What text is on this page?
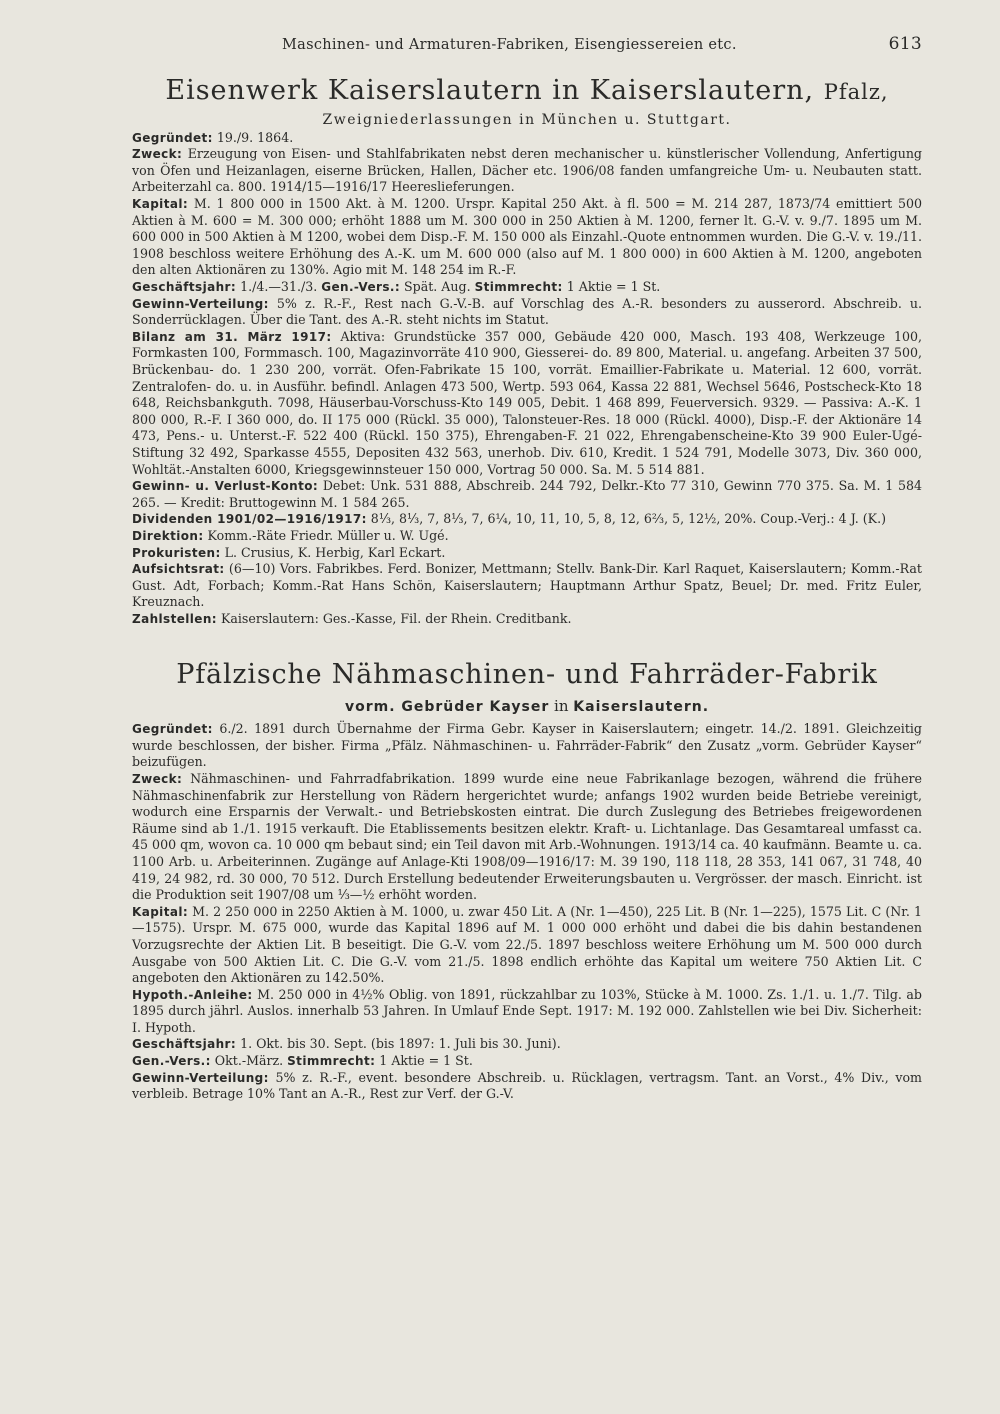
Maschinen- und Armaturen-Fabriken, Eisengiessereien etc.	613
Eisenwerk Kaiserslautern in Kaiserslautern, Pfalz,
Zweigniederlassungen in München u. Stuttgart.

Gegründet: 19./9. 1864.

Zweck: Erzeugung von Eisen- und Stahlfabrikaten nebst deren mechanischer u. künstlerischer Vollendung, Anfertigung von Öfen und Heizanlagen, eiserne Brücken, Hallen, Dächer etc. 1906/08 fanden umfangreiche Um- u. Neubauten statt. Arbeiterzahl ca. 800. 1914/15—1916/17 Heereslieferungen.

Kapital: M. 1 800 000 in 1500 Akt. à M. 1200. Urspr. Kapital 250 Akt. à fl. 500 = M. 214 287, 1873/74 emittiert 500 Aktien à M. 600 = M. 300 000; erhöht 1888 um M. 300 000 in 250 Aktien à M. 1200, ferner lt. G.-V. v. 9./7. 1895 um M. 600 000 in 500 Aktien à M 1200, wobei dem Disp.-F. M. 150 000 als Einzahl.-Quote entnommen wurden. Die G.-V. v. 19./11. 1908 beschloss weitere Erhöhung des A.-K. um M. 600 000 (also auf M. 1 800 000) in 600 Aktien à M. 1200, angeboten den alten Aktionären zu 130%. Agio mit M. 148 254 im R.-F.

Geschäftsjahr: 1./4.—31./3. Gen.-Vers.: Spät. Aug. Stimmrecht: 1 Aktie = 1 St.

Gewinn-Verteilung: 5% z. R.-F., Rest nach G.-V.-B. auf Vorschlag des A.-R. besonders zu ausserord. Abschreib. u. Sonderrücklagen. Über die Tant. des A.-R. steht nichts im Statut.

Bilanz am 31. März 1917: Aktiva: Grundstücke 357 000, Gebäude 420 000, Masch. 193 408, Werkzeuge 100, Formkasten 100, Formmasch. 100, Magazinvorräte 410 900, Giesserei- do. 89 800, Material. u. angefang. Arbeiten 37 500, Brückenbau- do. 1 230 200, vorrät. Ofen-Fabrikate 15 100, vorrät. Emaillier-Fabrikate u. Material. 12 600, vorrät. Zentralofen- do. u. in Ausführ. befindl. Anlagen 473 500, Wertp. 593 064, Kassa 22 881, Wechsel 5646, Postscheck-Kto 18 648, Reichsbankguth. 7098, Häuserbau-Vorschuss-Kto 149 005, Debit. 1 468 899, Feuerversich. 9329. — Passiva: A.-K. 1 800 000, R.-F. I 360 000, do. II 175 000 (Rückl. 35 000), Talonsteuer-Res. 18 000 (Rückl. 4000), Disp.-F. der Aktionäre 14 473, Pens.- u. Unterst.-F. 522 400 (Rückl. 150 375), Ehrengaben-F. 21 022, Ehrengabenscheine-Kto 39 900 Euler-Ugé-Stiftung 32 492, Sparkasse 4555, Depositen 432 563, unerhob. Div. 610, Kredit. 1 524 791, Modelle 3073, Div. 360 000, Wohltät.-Anstalten 6000, Kriegsgewinnsteuer 150 000, Vortrag 50 000. Sa. M. 5 514 881.

Gewinn- u. Verlust-Konto: Debet: Unk. 531 888, Abschreib. 244 792, Delkr.-Kto 77 310, Gewinn 770 375. Sa. M. 1 584 265. — Kredit: Bruttogewinn M. 1 584 265.

Dividenden 1901/02—1916/1917: 8⅓, 8⅓, 7, 8⅓, 7, 6¼, 10, 11, 10, 5, 8, 12, 6⅔, 5, 12½, 20%. Coup.-Verj.: 4 J. (K.)

Direktion: Komm.-Räte Friedr. Müller u. W. Ugé.

Prokuristen: L. Crusius, K. Herbig, Karl Eckart.

Aufsichtsrat: (6—10) Vors. Fabrikbes. Ferd. Bonizer, Mettmann; Stellv. Bank-Dir. Karl Raquet, Kaiserslautern; Komm.-Rat Gust. Adt, Forbach; Komm.-Rat Hans Schön, Kaiserslautern; Hauptmann Arthur Spatz, Beuel; Dr. med. Fritz Euler, Kreuznach.

Zahlstellen: Kaiserslautern: Ges.-Kasse, Fil. der Rhein. Creditbank.

Pfälzische Nähmaschinen- und Fahrräder-Fabrik
vorm. Gebrüder Kayser in Kaiserslautern.

Gegründet: 6./2. 1891 durch Übernahme der Firma Gebr. Kayser in Kaiserslautern; eingetr. 14./2. 1891. Gleichzeitig wurde beschlossen, der bisher. Firma „Pfälz. Nähmaschinen- u. Fahrräder-Fabrik“ den Zusatz „vorm. Gebrüder Kayser“ beizufügen.

Zweck: Nähmaschinen- und Fahrradfabrikation. 1899 wurde eine neue Fabrikanlage bezogen, während die frühere Nähmaschinenfabrik zur Herstellung von Rädern hergerichtet wurde; anfangs 1902 wurden beide Betriebe vereinigt, wodurch eine Ersparnis der Verwalt.- und Betriebskosten eintrat. Die durch Zuslegung des Betriebes freigewordenen Räume sind ab 1./1. 1915 verkauft. Die Etablissements besitzen elektr. Kraft- u. Lichtanlage. Das Gesamtareal umfasst ca. 45 000 qm, wovon ca. 10 000 qm bebaut sind; ein Teil davon mit Arb.-Wohnungen. 1913/14 ca. 40 kaufmänn. Beamte u. ca. 1100 Arb. u. Arbeiterinnen. Zugänge auf Anlage-Kti 1908/09—1916/17: M. 39 190, 118 118, 28 353, 141 067, 31 748, 40 419, 24 982, rd. 30 000, 70 512. Durch Erstellung bedeutender Erweiterungsbauten u. Vergrösser. der masch. Einricht. ist die Produktion seit 1907/08 um ⅓—½ erhöht worden.

Kapital: M. 2 250 000 in 2250 Aktien à M. 1000, u. zwar 450 Lit. A (Nr. 1—450), 225 Lit. B (Nr. 1—225), 1575 Lit. C (Nr. 1—1575). Urspr. M. 675 000, wurde das Kapital 1896 auf M. 1 000 000 erhöht und dabei die bis dahin bestandenen Vorzugsrechte der Aktien Lit. B beseitigt. Die G.-V. vom 22./5. 1897 beschloss weitere Erhöhung um M. 500 000 durch Ausgabe von 500 Aktien Lit. C. Die G.-V. vom 21./5. 1898 endlich erhöhte das Kapital um weitere 750 Aktien Lit. C angeboten den Aktionären zu 142.50%.

Hypoth.-Anleihe: M. 250 000 in 4½% Oblig. von 1891, rückzahlbar zu 103%, Stücke à M. 1000. Zs. 1./1. u. 1./7. Tilg. ab 1895 durch jährl. Auslos. innerhalb 53 Jahren. In Umlauf Ende Sept. 1917: M. 192 000. Zahlstellen wie bei Div. Sicherheit: I. Hypoth.

Geschäftsjahr: 1. Okt. bis 30. Sept. (bis 1897: 1. Juli bis 30. Juni).

Gen.-Vers.: Okt.-März. Stimmrecht: 1 Aktie = 1 St.

Gewinn-Verteilung: 5% z. R.-F., event. besondere Abschreib. u. Rücklagen, vertragsm. Tant. an Vorst., 4% Div., vom verbleib. Betrage 10% Tant an A.-R., Rest zur Verf. der G.-V.
